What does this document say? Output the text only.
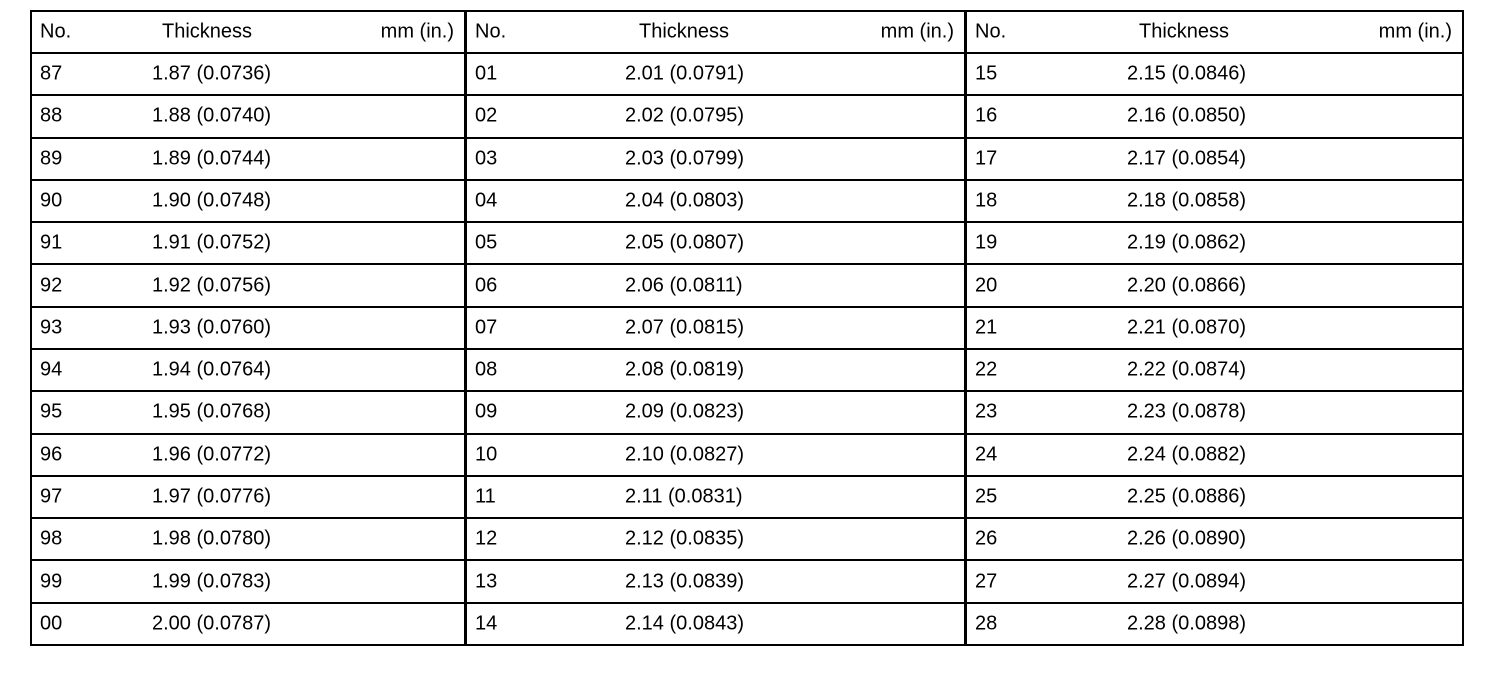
No.	Thickness	mm (in.)
87	1.87 (0.0736)
88	1.88 (0.0740)
89	1.89 (0.0744)
90	1.90 (0.0748)
91	1.91 (0.0752)
92	1.92 (0.0756)
93	1.93 (0.0760)
94	1.94 (0.0764)
95	1.95 (0.0768)
96	1.96 (0.0772)
97	1.97 (0.0776)
98	1.98 (0.0780)
99	1.99 (0.0783)
00	2.00 (0.0787)
No.	Thickness	mm (in.)
01	2.01 (0.0791)
02	2.02 (0.0795)
03	2.03 (0.0799)
04	2.04 (0.0803)
05	2.05 (0.0807)
06	2.06 (0.0811)
07	2.07 (0.0815)
08	2.08 (0.0819)
09	2.09 (0.0823)
10	2.10 (0.0827)
11	2.11 (0.0831)
12	2.12 (0.0835)
13	2.13 (0.0839)
14	2.14 (0.0843)
No.	Thickness	mm (in.)
15	2.15 (0.0846)
16	2.16 (0.0850)
17	2.17 (0.0854)
18	2.18 (0.0858)
19	2.19 (0.0862)
20	2.20 (0.0866)
21	2.21 (0.0870)
22	2.22 (0.0874)
23	2.23 (0.0878)
24	2.24 (0.0882)
25	2.25 (0.0886)
26	2.26 (0.0890)
27	2.27 (0.0894)
28	2.28 (0.0898)
